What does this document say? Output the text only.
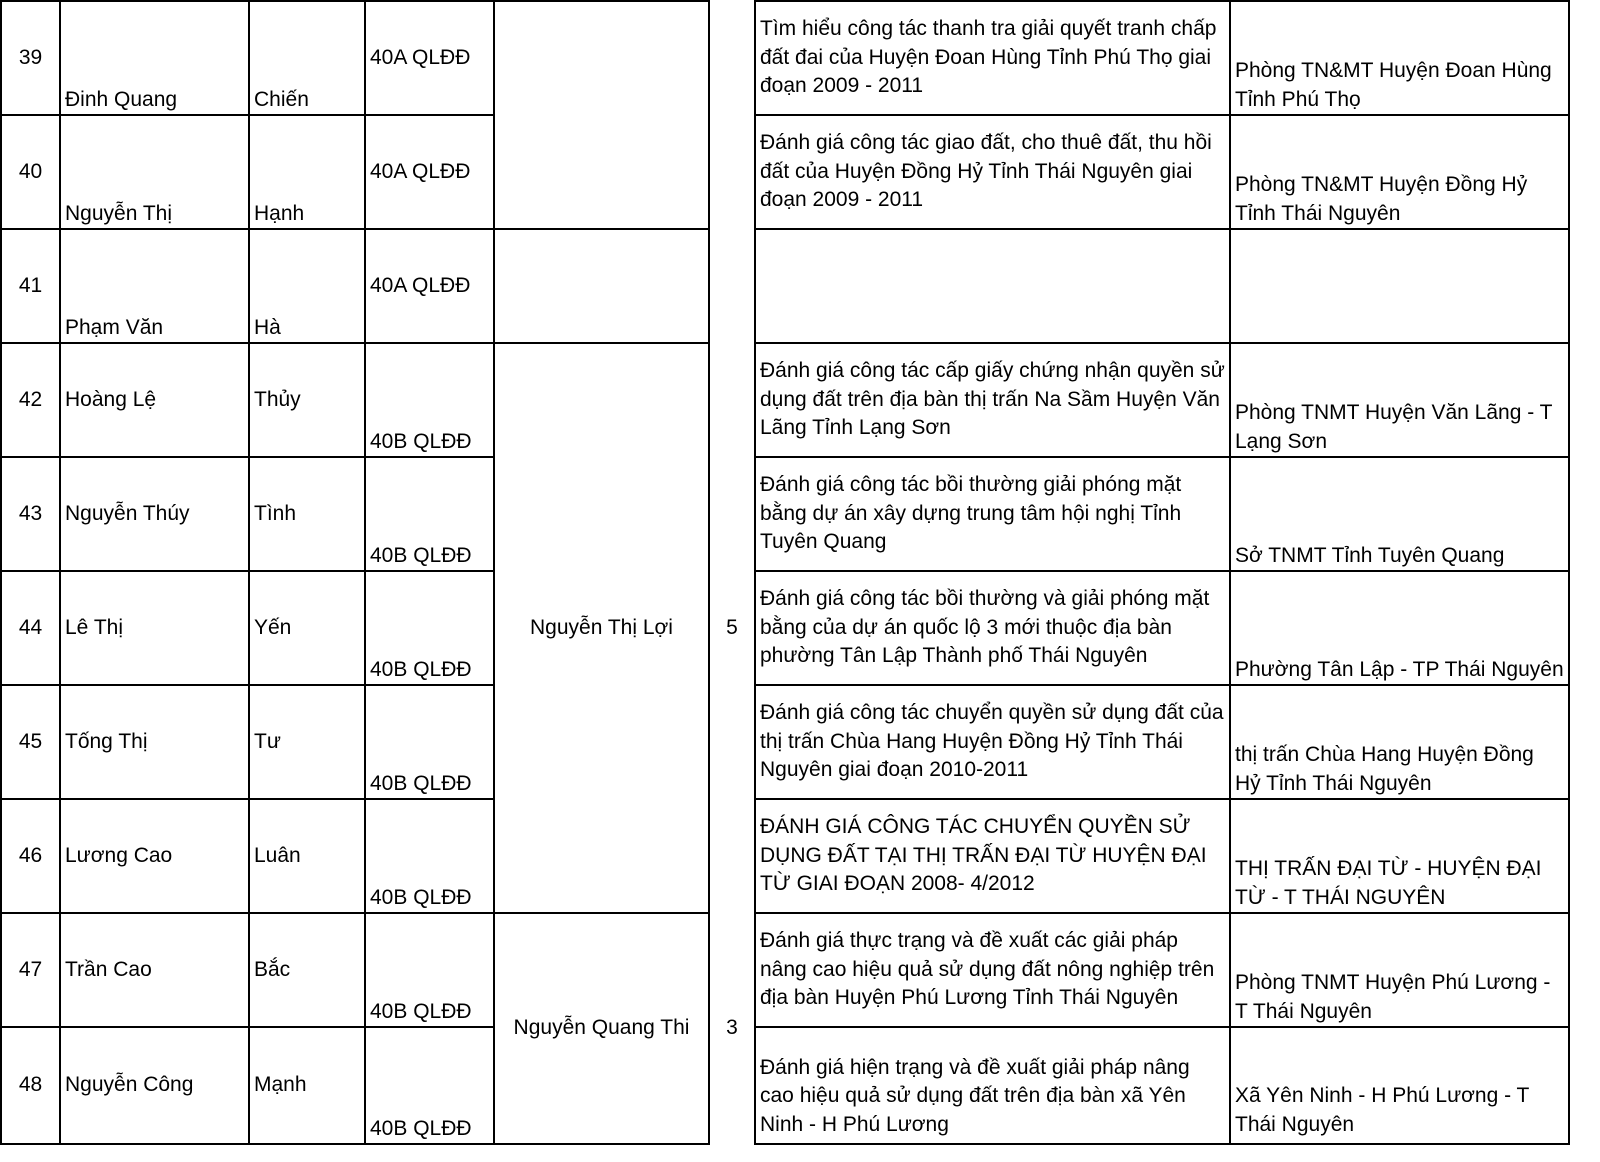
39	Đinh Quang	Chiến	40A QLĐĐ			Tìm hiểu công tác thanh tra giải quyết tranh chấp đất đai của Huyện Đoan Hùng Tỉnh Phú Thọ giai đoạn 2009 - 2011	Phòng TN&MT Huyện Đoan Hùng Tỉnh Phú Thọ
40	Nguyễn Thị	Hạnh	40A QLĐĐ			Đánh giá công tác giao đất, cho thuê đất, thu hồi đất của Huyện Đồng Hỷ Tỉnh Thái Nguyên giai đoạn 2009 - 2011	Phòng TN&MT Huyện Đồng Hỷ Tỉnh Thái Nguyên
41	Phạm Văn	Hà	40A QLĐĐ				
42	Hoàng Lệ	Thủy	40B QLĐĐ	Nguyễn Thị Lợi	5	Đánh giá công tác cấp giấy chứng nhận quyền sử dụng đất trên địa bàn thị trấn Na Sầm Huyện Văn Lãng Tỉnh Lạng Sơn	Phòng TNMT Huyện Văn Lãng - T Lạng Sơn
43	Nguyễn Thúy	Tình	40B QLĐĐ			Đánh giá công tác bồi thường giải phóng mặt bằng dự án xây dựng trung tâm hội nghị Tỉnh Tuyên Quang	Sở TNMT Tỉnh Tuyên Quang
44	Lê Thị	Yến	40B QLĐĐ			Đánh giá công tác bồi thường và giải phóng mặt bằng của dự án quốc lộ 3 mới thuộc địa bàn phường Tân Lập Thành phố Thái Nguyên	Phường Tân Lập - TP Thái Nguyên
45	Tống Thị	Tư	40B QLĐĐ			Đánh giá công tác chuyển quyền sử dụng đất của thị trấn Chùa Hang Huyện Đồng Hỷ Tỉnh Thái Nguyên giai đoạn 2010-2011	thị trấn Chùa Hang Huyện Đồng Hỷ Tỉnh Thái Nguyên
46	Lương Cao	Luân	40B QLĐĐ			ĐÁNH GIÁ CÔNG TÁC CHUYỂN QUYỀN SỬ DỤNG ĐẤT TẠI THỊ TRẤN ĐẠI TỪ HUYỆN ĐẠI TỪ GIAI ĐOẠN 2008- 4/2012	THỊ TRẤN ĐẠI TỪ - HUYỆN ĐẠI TỪ - T THÁI NGUYÊN
47	Trần Cao	Bắc	40B QLĐĐ	Nguyễn Quang Thi	3	Đánh giá thực trạng và đề xuất các giải pháp nâng cao hiệu quả sử dụng đất nông nghiệp trên địa bàn Huyện Phú Lương Tỉnh Thái Nguyên	Phòng TNMT Huyện Phú Lương - T Thái Nguyên
48	Nguyễn Công	Mạnh	40B QLĐĐ			Đánh giá hiện trạng và đề xuất giải pháp nâng cao hiệu quả sử dụng đất trên địa bàn xã Yên Ninh - H Phú Lương	Xã Yên Ninh - H Phú Lương - T Thái Nguyên
